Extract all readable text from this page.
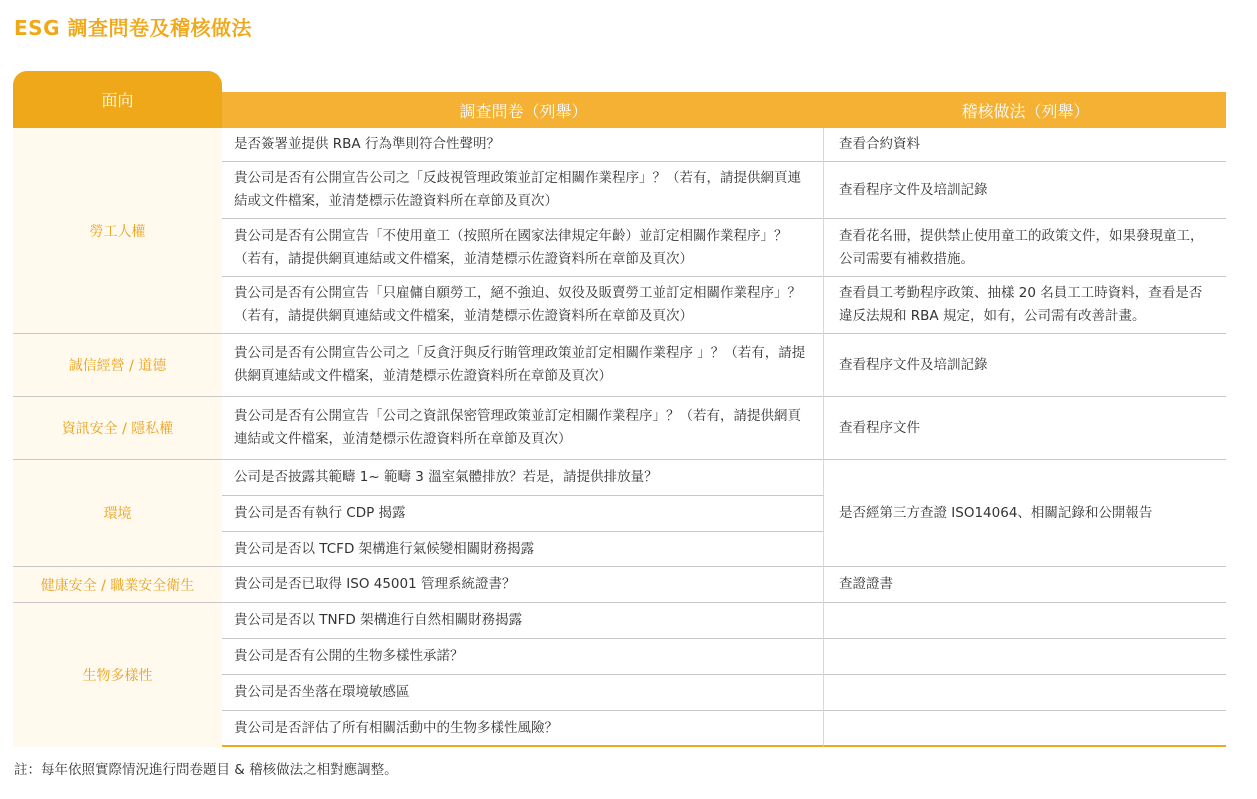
ESG 調查問卷及稽核做法
面向
調查問卷（列舉）	稽核做法（列舉）
勞工人權
誠信經營 / 道德
資訊安全 / 隱私權
環境
健康安全 / 職業安全衛生
生物多樣性
是否簽署並提供 RBA 行為準則符合性聲明？
貴公司是否有公開宣告公司之「反歧視管理政策並訂定相關作業程序」？（若有，請提供網頁連結或文件檔案，並清楚標示佐證資料所在章節及頁次）
貴公司是否有公開宣告「不使用童工（按照所在國家法律規定年齡）並訂定相關作業程序」？（若有，請提供網頁連結或文件檔案，並清楚標示佐證資料所在章節及頁次）
貴公司是否有公開宣告「只雇傭自願勞工，絕不強迫、奴役及販賣勞工並訂定相關作業程序」？（若有，請提供網頁連結或文件檔案，並清楚標示佐證資料所在章節及頁次）
貴公司是否有公開宣告公司之「反貪汙與反行賄管理政策並訂定相關作業程序 」？（若有，請提供網頁連結或文件檔案，並清楚標示佐證資料所在章節及頁次）
貴公司是否有公開宣告「公司之資訊保密管理政策並訂定相關作業程序」？（若有，請提供網頁連結或文件檔案，並清楚標示佐證資料所在章節及頁次）
公司是否披露其範疇 1~ 範疇 3 溫室氣體排放？若是，請提供排放量？
貴公司是否有執行 CDP 揭露
貴公司是否以 TCFD 架構進行氣候變相關財務揭露
貴公司是否已取得 ISO 45001 管理系統證書？
貴公司是否以 TNFD 架構進行自然相關財務揭露
貴公司是否有公開的生物多樣性承諾？
貴公司是否坐落在環境敏感區
貴公司是否評估了所有相關活動中的生物多樣性風險？
查看合約資料
查看程序文件及培訓記錄
查看花名冊，提供禁止使用童工的政策文件，如果發現童工，公司需要有補救措施。
查看員工考勤程序政策、抽樣 20 名員工工時資料，查看是否違反法規和 RBA 規定，如有，公司需有改善計畫。
查看程序文件及培訓記錄
查看程序文件
是否經第三方查證 ISO14064、相關記錄和公開報告
查證證書
註：每年依照實際情況進行問卷題目 & 稽核做法之相對應調整。
